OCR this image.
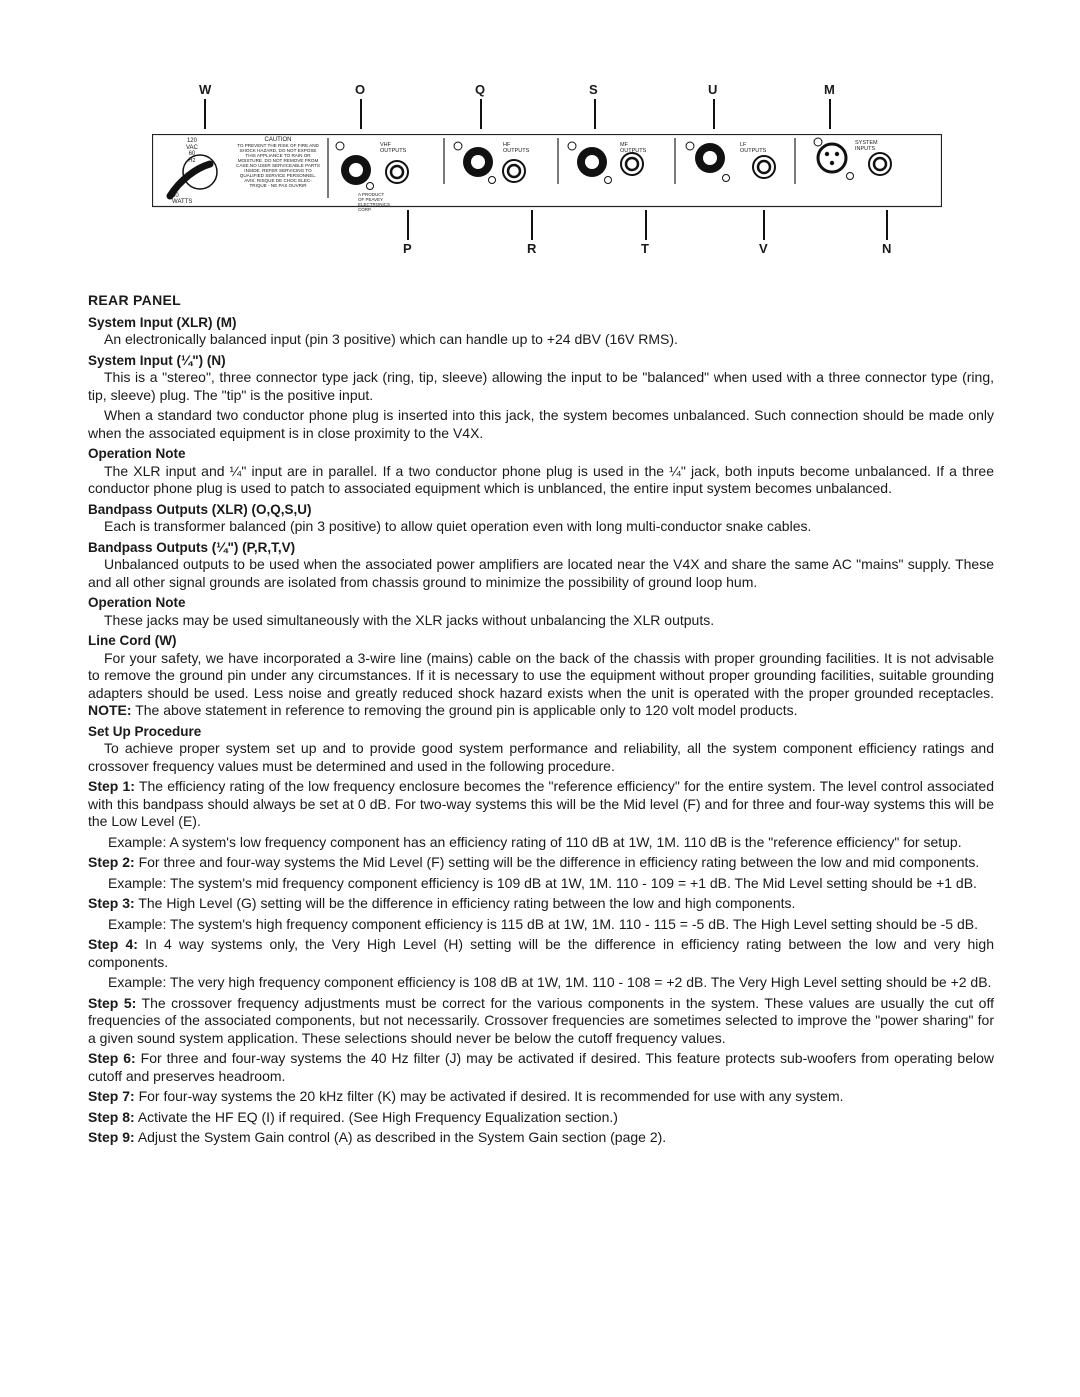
W	O	Q	S	U	M
120 VAC
60 Hz
50 WATTS
CAUTION
TO PREVENT THE RISK OF FIRE AND
SHOCK HAZARD, DO NOT EXPOSE
THIS APPLIANCE TO RAIN OR
MOISTURE. DO NOT REMOVE FROM
CASE.NO USER SERVICEABLE PARTS
INSIDE. REFER SERVICING TO
QUALIFIED SERVICE PERSONNEL.
AVIS: RISQUE DE CHOC ELEC-
TRIQUE - NE PAS OUVRIR
VHF OUTPUTS
HF OUTPUTS
MF OUTPUTS
LF OUTPUTS
SYSTEM INPUTS
A PRODUCT OF PEAVEY ELECTRONICS CORP.
P	R	T	V	N
REAR PANEL
System Input (XLR) (M)
An electronically balanced input (pin 3 positive) which can handle up to +24 dBV (16V RMS).
System Input (¼") (N)
This is a "stereo", three connector type jack (ring, tip, sleeve) allowing the input to be "balanced" when used with a three connector type (ring, tip, sleeve) plug. The "tip" is the positive input.
When a standard two conductor phone plug is inserted into this jack, the system becomes unbalanced. Such connection should be made only when the associated equipment is in close proximity to the V4X.
Operation Note
The XLR input and ¼" input are in parallel. If a two conductor phone plug is used in the ¼" jack, both inputs become unbalanced. If a three conductor phone plug is used to patch to associated equipment which is unblanced, the entire input system becomes unbalanced.
Bandpass Outputs (XLR) (O,Q,S,U)
Each is transformer balanced (pin 3 positive) to allow quiet operation even with long multi-conductor snake cables.
Bandpass Outputs (¼") (P,R,T,V)
Unbalanced outputs to be used when the associated power amplifiers are located near the V4X and share the same AC "mains" supply. These and all other signal grounds are isolated from chassis ground to minimize the possibility of ground loop hum.
Operation Note
These jacks may be used simultaneously with the XLR jacks without unbalancing the XLR outputs.
Line Cord (W)
For your safety, we have incorporated a 3-wire line (mains) cable on the back of the chassis with proper grounding facilities. It is not advisable to remove the ground pin under any circumstances. If it is necessary to use the equipment without proper grounding facilities, suitable grounding adapters should be used. Less noise and greatly reduced shock hazard exists when the unit is operated with the proper grounded receptacles. NOTE: The above statement in reference to removing the ground pin is applicable only to 120 volt model products.
Set Up Procedure
To achieve proper system set up and to provide good system performance and reliability, all the system component efficiency ratings and crossover frequency values must be determined and used in the following procedure.
Step 1: The efficiency rating of the low frequency enclosure becomes the "reference efficiency" for the entire system. The level control associated with this bandpass should always be set at 0 dB. For two-way systems this will be the Mid level (F) and for three and four-way systems this will be the Low Level (E).
Example: A system's low frequency component has an efficiency rating of 110 dB at 1W, 1M. 110 dB is the "reference efficiency" for setup.
Step 2: For three and four-way systems the Mid Level (F) setting will be the difference in efficiency rating between the low and mid components.
Example: The system's mid frequency component efficiency is 109 dB at 1W, 1M. 110 - 109 = +1 dB. The Mid Level setting should be +1 dB.
Step 3: The High Level (G) setting will be the difference in efficiency rating between the low and high components.
Example: The system's high frequency component efficiency is 115 dB at 1W, 1M. 110 - 115 = -5 dB. The High Level setting should be -5 dB.
Step 4: In 4 way systems only, the Very High Level (H) setting will be the difference in efficiency rating between the low and very high components.
Example: The very high frequency component efficiency is 108 dB at 1W, 1M. 110 - 108 = +2 dB. The Very High Level setting should be +2 dB.
Step 5: The crossover frequency adjustments must be correct for the various components in the system. These values are usually the cut off frequencies of the associated components, but not necessarily. Crossover frequencies are sometimes selected to improve the "power sharing" for a given sound system application. These selections should never be below the cutoff frequency values.
Step 6: For three and four-way systems the 40 Hz filter (J) may be activated if desired. This feature protects sub-woofers from operating below cutoff and preserves headroom.
Step 7: For four-way systems the 20 kHz filter (K) may be activated if desired. It is recommended for use with any system.
Step 8: Activate the HF EQ (I) if required. (See High Frequency Equalization section.)
Step 9: Adjust the System Gain control (A) as described in the System Gain section (page 2).
